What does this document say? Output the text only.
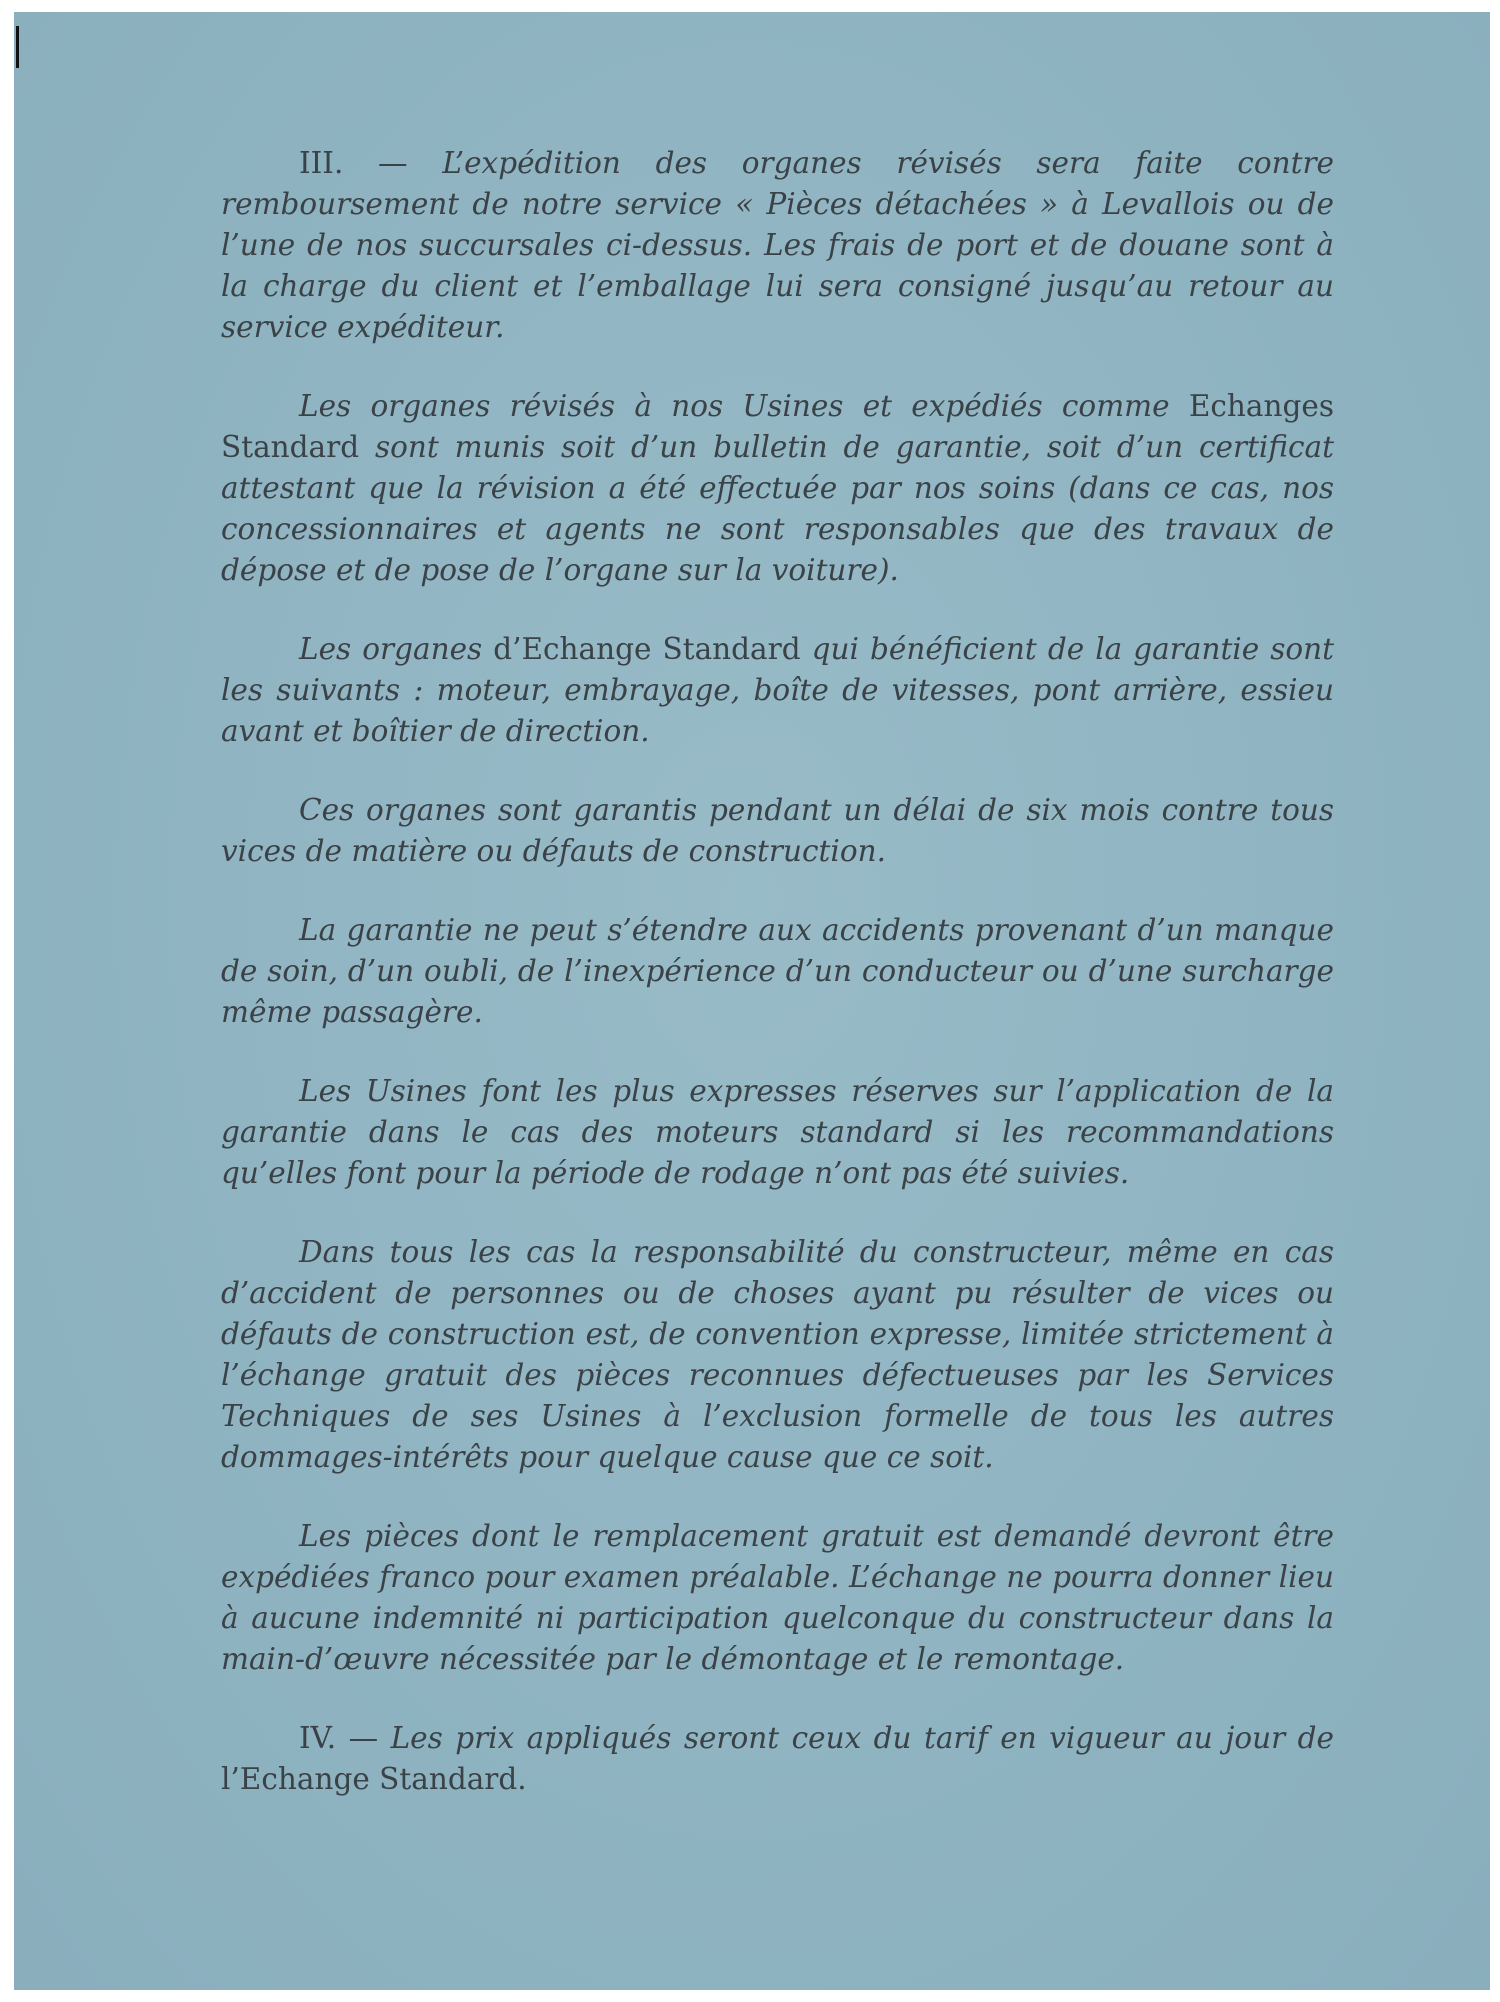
III. — L’expédition des organes révisés sera faite contre remboursement de notre service « Pièces détachées » à Levallois ou de l’une de nos succursales ci-dessus. Les frais de port et de douane sont à la charge du client et l’emballage lui sera consigné jusqu’au retour au service expéditeur.

Les organes révisés à nos Usines et expédiés comme Echanges Standard sont munis soit d’un bulletin de garantie, soit d’un certificat attestant que la révision a été effectuée par nos soins (dans ce cas, nos concessionnaires et agents ne sont responsables que des travaux de dépose et de pose de l’organe sur la voiture).

Les organes d’Echange Standard qui bénéficient de la garantie sont les suivants : moteur, embrayage, boîte de vitesses, pont arrière, essieu avant et boîtier de direction.

Ces organes sont garantis pendant un délai de six mois contre tous vices de matière ou défauts de construction.

La garantie ne peut s’étendre aux accidents provenant d’un manque de soin, d’un oubli, de l’inexpérience d’un conducteur ou d’une surcharge même passagère.

Les Usines font les plus expresses réserves sur l’application de la garantie dans le cas des moteurs standard si les recommandations qu’elles font pour la période de rodage n’ont pas été suivies.

Dans tous les cas la responsabilité du constructeur, même en cas d’accident de personnes ou de choses ayant pu résulter de vices ou défauts de construction est, de convention expresse, limitée strictement à l’échange gratuit des pièces reconnues défectueuses par les Services Techniques de ses Usines à l’exclusion formelle de tous les autres dommages-intérêts pour quelque cause que ce soit.

Les pièces dont le remplacement gratuit est demandé devront être expédiées franco pour examen préalable. L’échange ne pourra donner lieu à aucune indemnité ni participation quelconque du constructeur dans la main-d’œuvre nécessitée par le démontage et le remontage.

IV. — Les prix appliqués seront ceux du tarif en vigueur au jour de l’Echange Standard.
